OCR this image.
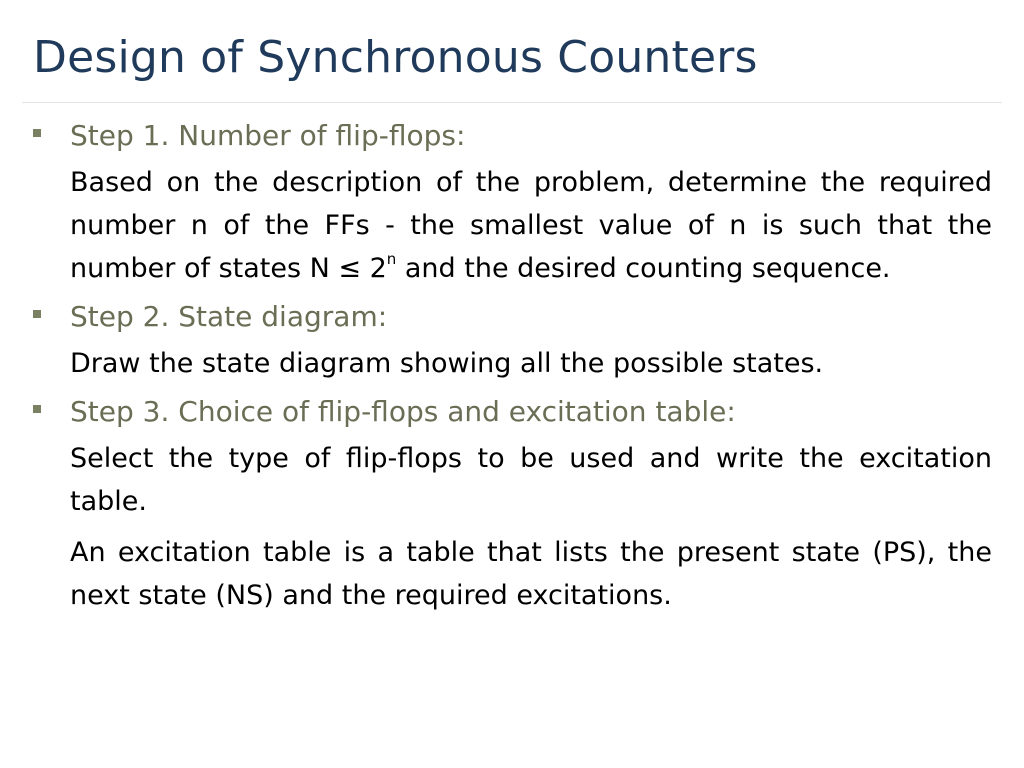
Design of Synchronous Counters

Step 1. Number of flip-flops:

Based on the description of the problem, determine the required number n of the FFs - the smallest value of n is such that the number of states $N \le 2^n$ and the desired counting sequence.

Step 2. State diagram:

Draw the state diagram showing all the possible states.

Step 3. Choice of flip-flops and excitation table:

Select the type of flip-flops to be used and write the excitation table.

An excitation table is a table that lists the present state (PS), the next state (NS) and the required excitations.
